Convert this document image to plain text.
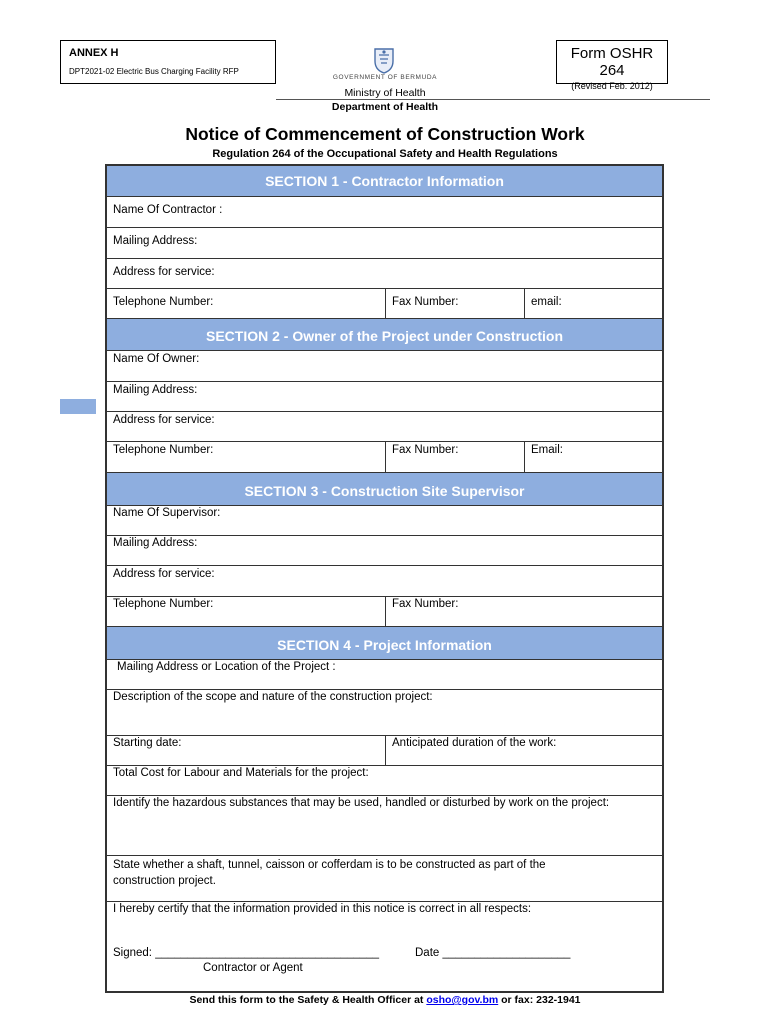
ANNEX H
DPT2021-02 Electric Bus Charging Facility RFP
GOVERNMENT OF BERMUDA
Ministry of Health
Department of Health
Form OSHR 264
(Revised Feb. 2012)
Notice of Commencement of Construction Work
Regulation 264 of the Occupational Safety and Health Regulations
SECTION 1 - Contractor Information
Name Of Contractor :
Mailing Address:
Address for service:
Telephone Number:	Fax Number:	email:
SECTION 2 - Owner of the Project under Construction
Name Of Owner:
Mailing Address:
Address for service:
Telephone Number:	Fax Number:	Email:
SECTION 3 - Construction Site Supervisor
Name Of Supervisor:
Mailing Address:
Address for service:
Telephone Number:	Fax Number:
SECTION 4 - Project Information
Mailing Address or Location of the Project :
Description of the scope and nature of the construction project:
Starting date:	Anticipated duration of the work:
Total Cost for Labour and Materials for the project:
Identify the hazardous substances that may be used, handled or disturbed by work on the project:
State whether a shaft, tunnel, caisson or cofferdam is to be constructed as part of the
construction project.
I hereby certify that the information provided in this notice is correct in all respects:
Signed: ___________________________________	Date ____________________
Contractor or Agent
Send this form to the Safety & Health Officer at osho@gov.bm or fax: 232-1941
